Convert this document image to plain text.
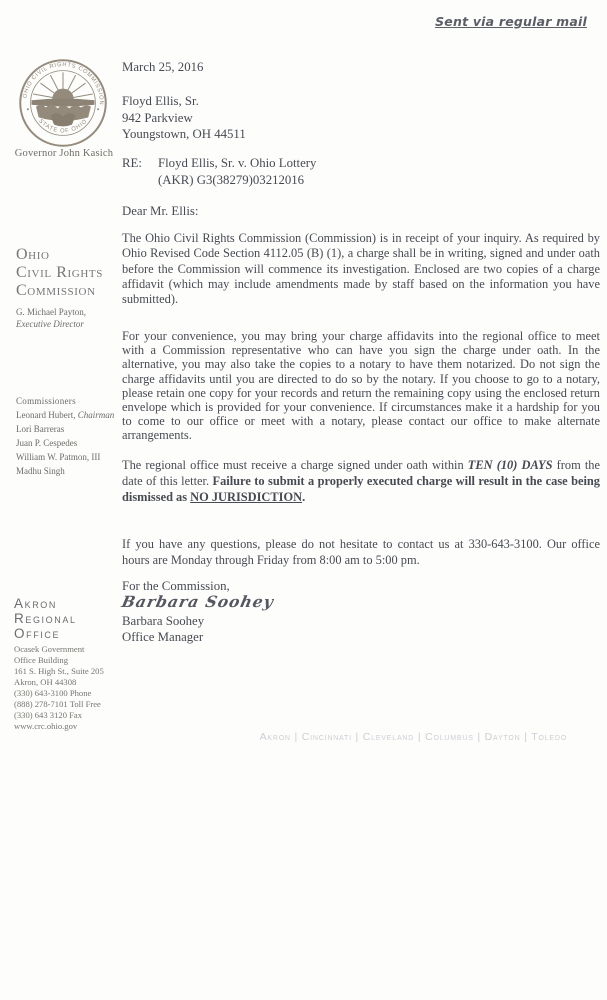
Sent via regular mail
OHIO CIVIL RIGHTS COMMISSION
STATE OF OHIO
Governor John Kasich
Ohio
Civil Rights
Commission
G. Michael Payton,
Executive Director
Commissioners
Leonard Hubert, Chairman
Lori Barreras
Juan P. Cespedes
William W. Patmon, III
Madhu Singh
Akron
Regional
Office
Ocasek Government
Office Building
161 S. High St., Suite 205
Akron, OH 44308
(330) 643-3100 Phone
(888) 278-7101 Toll Free
(330) 643 3120 Fax
www.crc.ohio.gov
March 25, 2016
Floyd Ellis, Sr.
942 Parkview
Youngstown, OH 44511
RE:	Floyd Ellis, Sr. v. Ohio Lottery
(AKR) G3(38279)03212016
Dear Mr. Ellis:

The Ohio Civil Rights Commission (Commission) is in receipt of your inquiry. As required by Ohio Revised Code Section 4112.05 (B) (1), a charge shall be in writing, signed and under oath before the Commission will commence its investigation. Enclosed are two copies of a charge affidavit (which may include amendments made by staff based on the information you have submitted).

For your convenience, you may bring your charge affidavits into the regional office to meet with a Commission representative who can have you sign the charge under oath. In the alternative, you may also take the copies to a notary to have them notarized. Do not sign the charge affidavits until you are directed to do so by the notary. If you choose to go to a notary, please retain one copy for your records and return the remaining copy using the enclosed return envelope which is provided for your convenience. If circumstances make it a hardship for you to come to our office or meet with a notary, please contact our office to make alternate arrangements.

The regional office must receive a charge signed under oath within TEN (10) DAYS from the date of this letter. Failure to submit a properly executed charge will result in the case being dismissed as NO JURISDICTION.

If you have any questions, please do not hesitate to contact us at 330-643-3100. Our office hours are Monday through Friday from 8:00 am to 5:00 pm.

For the Commission,
Barbara Soohey
Barbara Soohey
Office Manager
Akron | Cincinnati | Cleveland | Columbus | Dayton | Toledo
